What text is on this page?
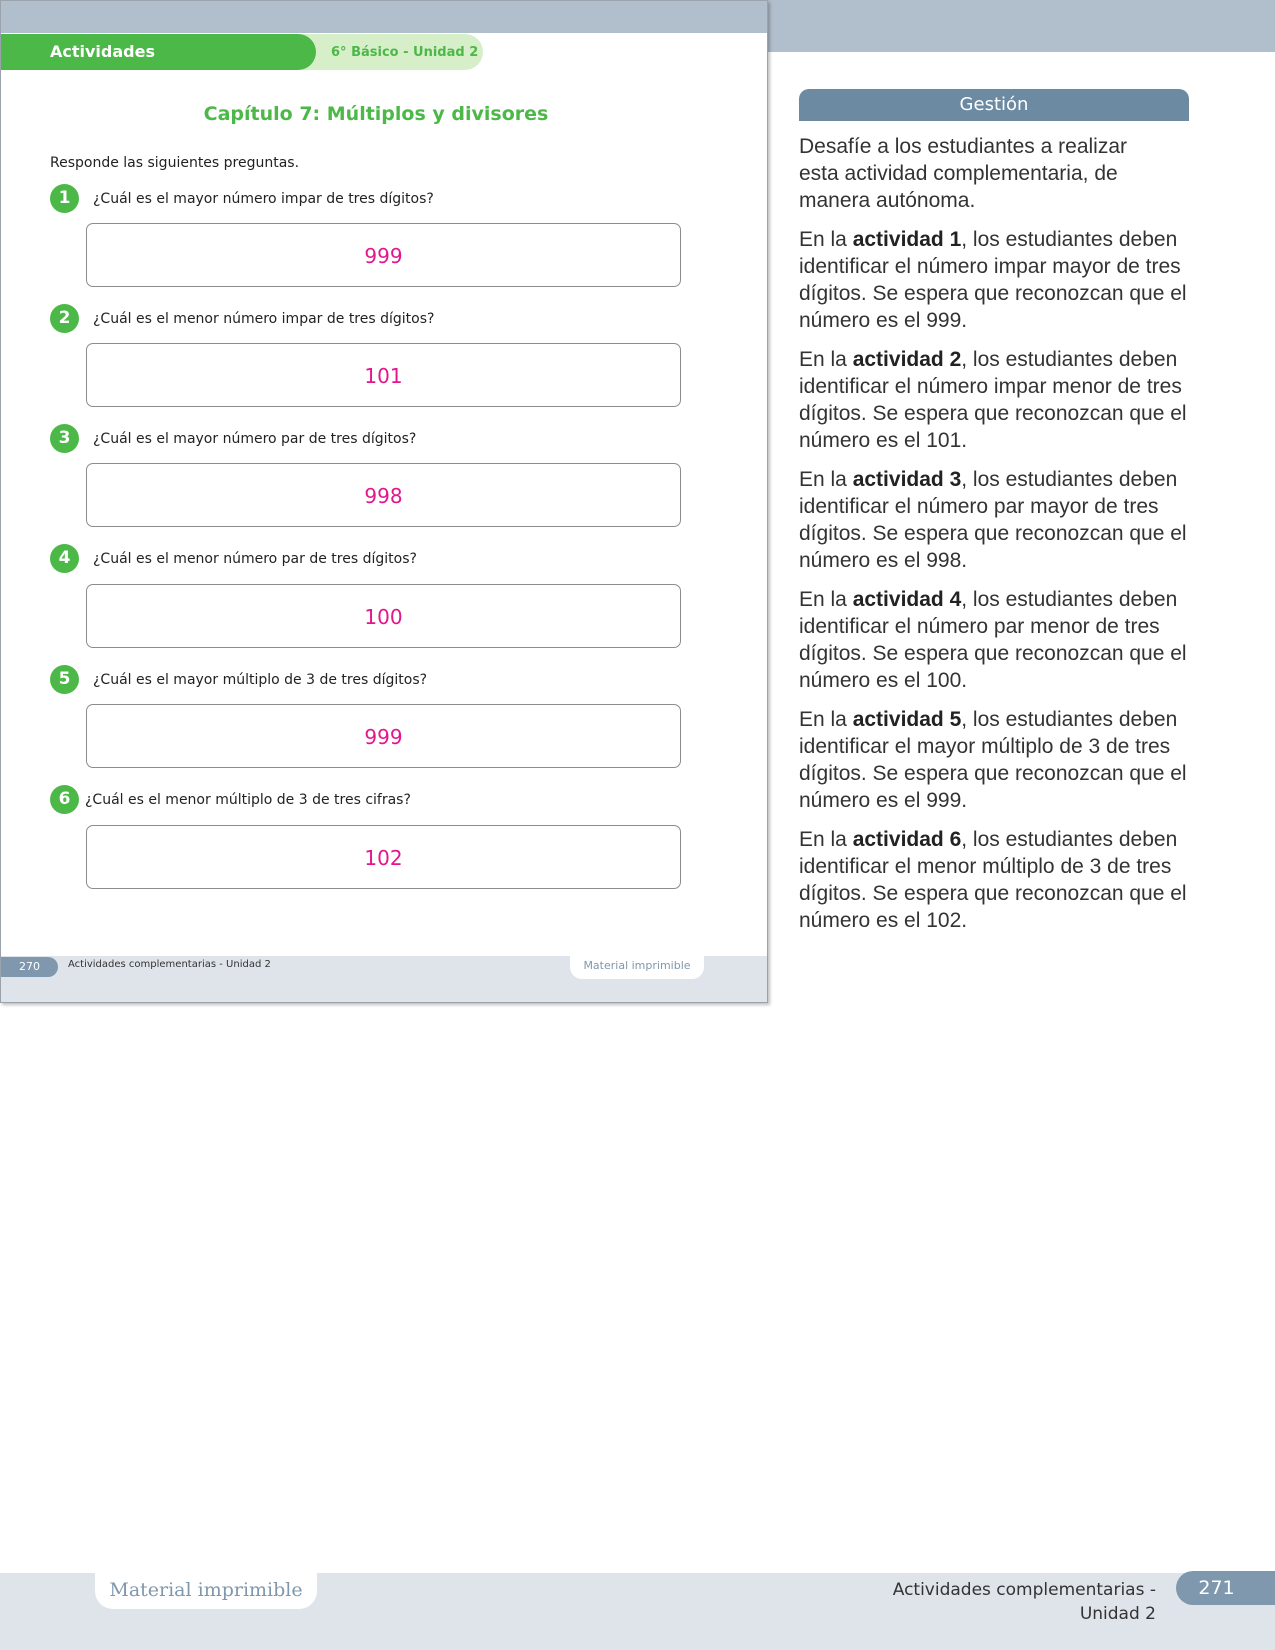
Actividades complementarias
6° Básico - Unidad 2
Capítulo 7: Múltiplos y divisores
Responde las siguientes preguntas.
1	¿Cuál es el mayor número impar de tres dígitos?
999
2	¿Cuál es el menor número impar de tres dígitos?
101
3	¿Cuál es el mayor número par de tres dígitos?
998
4	¿Cuál es el menor número par de tres dígitos?
100
5	¿Cuál es el mayor múltiplo de 3 de tres dígitos?
999
6	¿Cuál es el menor múltiplo de 3 de tres cifras?
102
270	Actividades complementarias - Unidad 2	Material imprimible
Gestión
Desafíe a los estudiantes a realizar esta actividad complementaria, de manera autónoma.
En la actividad 1, los estudiantes deben identificar el número impar mayor de tres dígitos. Se espera que reconozcan que el número es el 999.
En la actividad 2, los estudiantes deben identificar el número impar menor de tres dígitos. Se espera que reconozcan que el número es el 101.
En la actividad 3, los estudiantes deben identificar el número par mayor de tres dígitos. Se espera que reconozcan que el número es el 998.
En la actividad 4, los estudiantes deben identificar el número par menor de tres dígitos. Se espera que reconozcan que el número es el 100.
En la actividad 5, los estudiantes deben identificar el mayor múltiplo de 3 de tres dígitos. Se espera que reconozcan que el número es el 999.
En la actividad 6, los estudiantes deben identificar el menor múltiplo de 3 de tres dígitos. Se espera que reconozcan que el número es el 102.
Material imprimible	Actividades complementarias - Unidad 2
271
